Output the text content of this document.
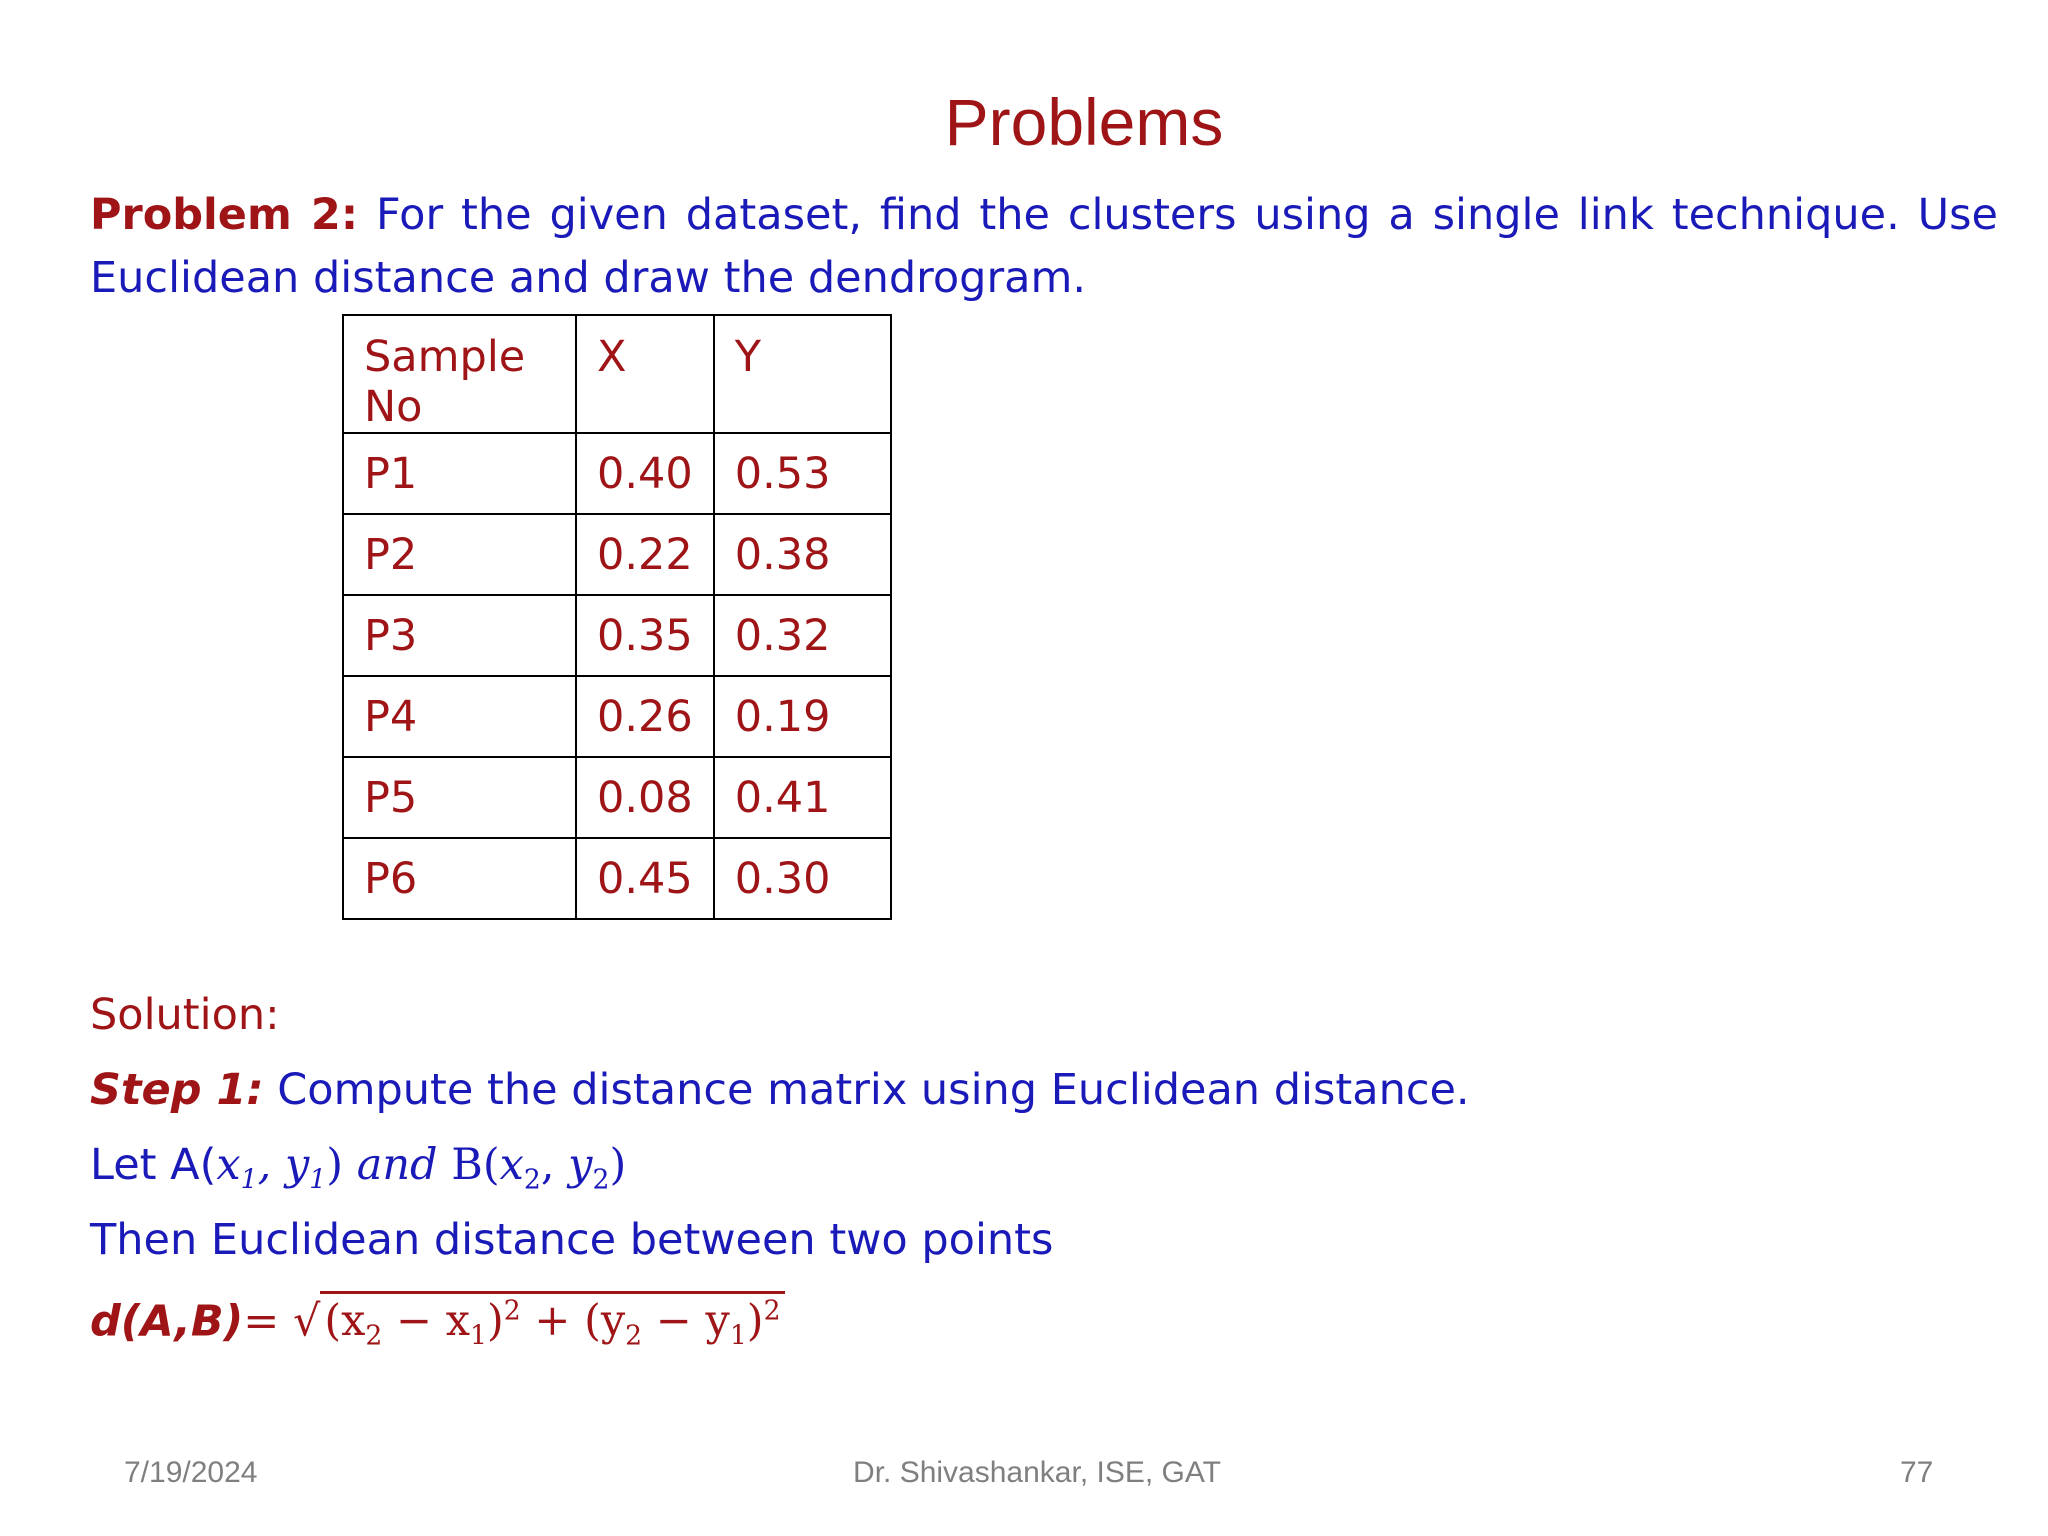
Problems
Problem 2: For the given dataset, find the clusters using a single link technique. Use Euclidean distance and draw the dendrogram.
Sample No	X	Y
P1	0.40	0.53
P2	0.22	0.38
P3	0.35	0.32
P4	0.26	0.19
P5	0.08	0.41
P6	0.45	0.30
Solution:
Step 1: Compute the distance matrix using Euclidean distance.
Let $A(x_1$, $y_1$) and $B(x_2$, $y_2$)
Then Euclidean distance between two points
$d(A,B)= √(x_2 - x_1)^2 + (y_2 - y_1)^2$
7/19/2024	Dr. Shivashankar, ISE, GAT	77
